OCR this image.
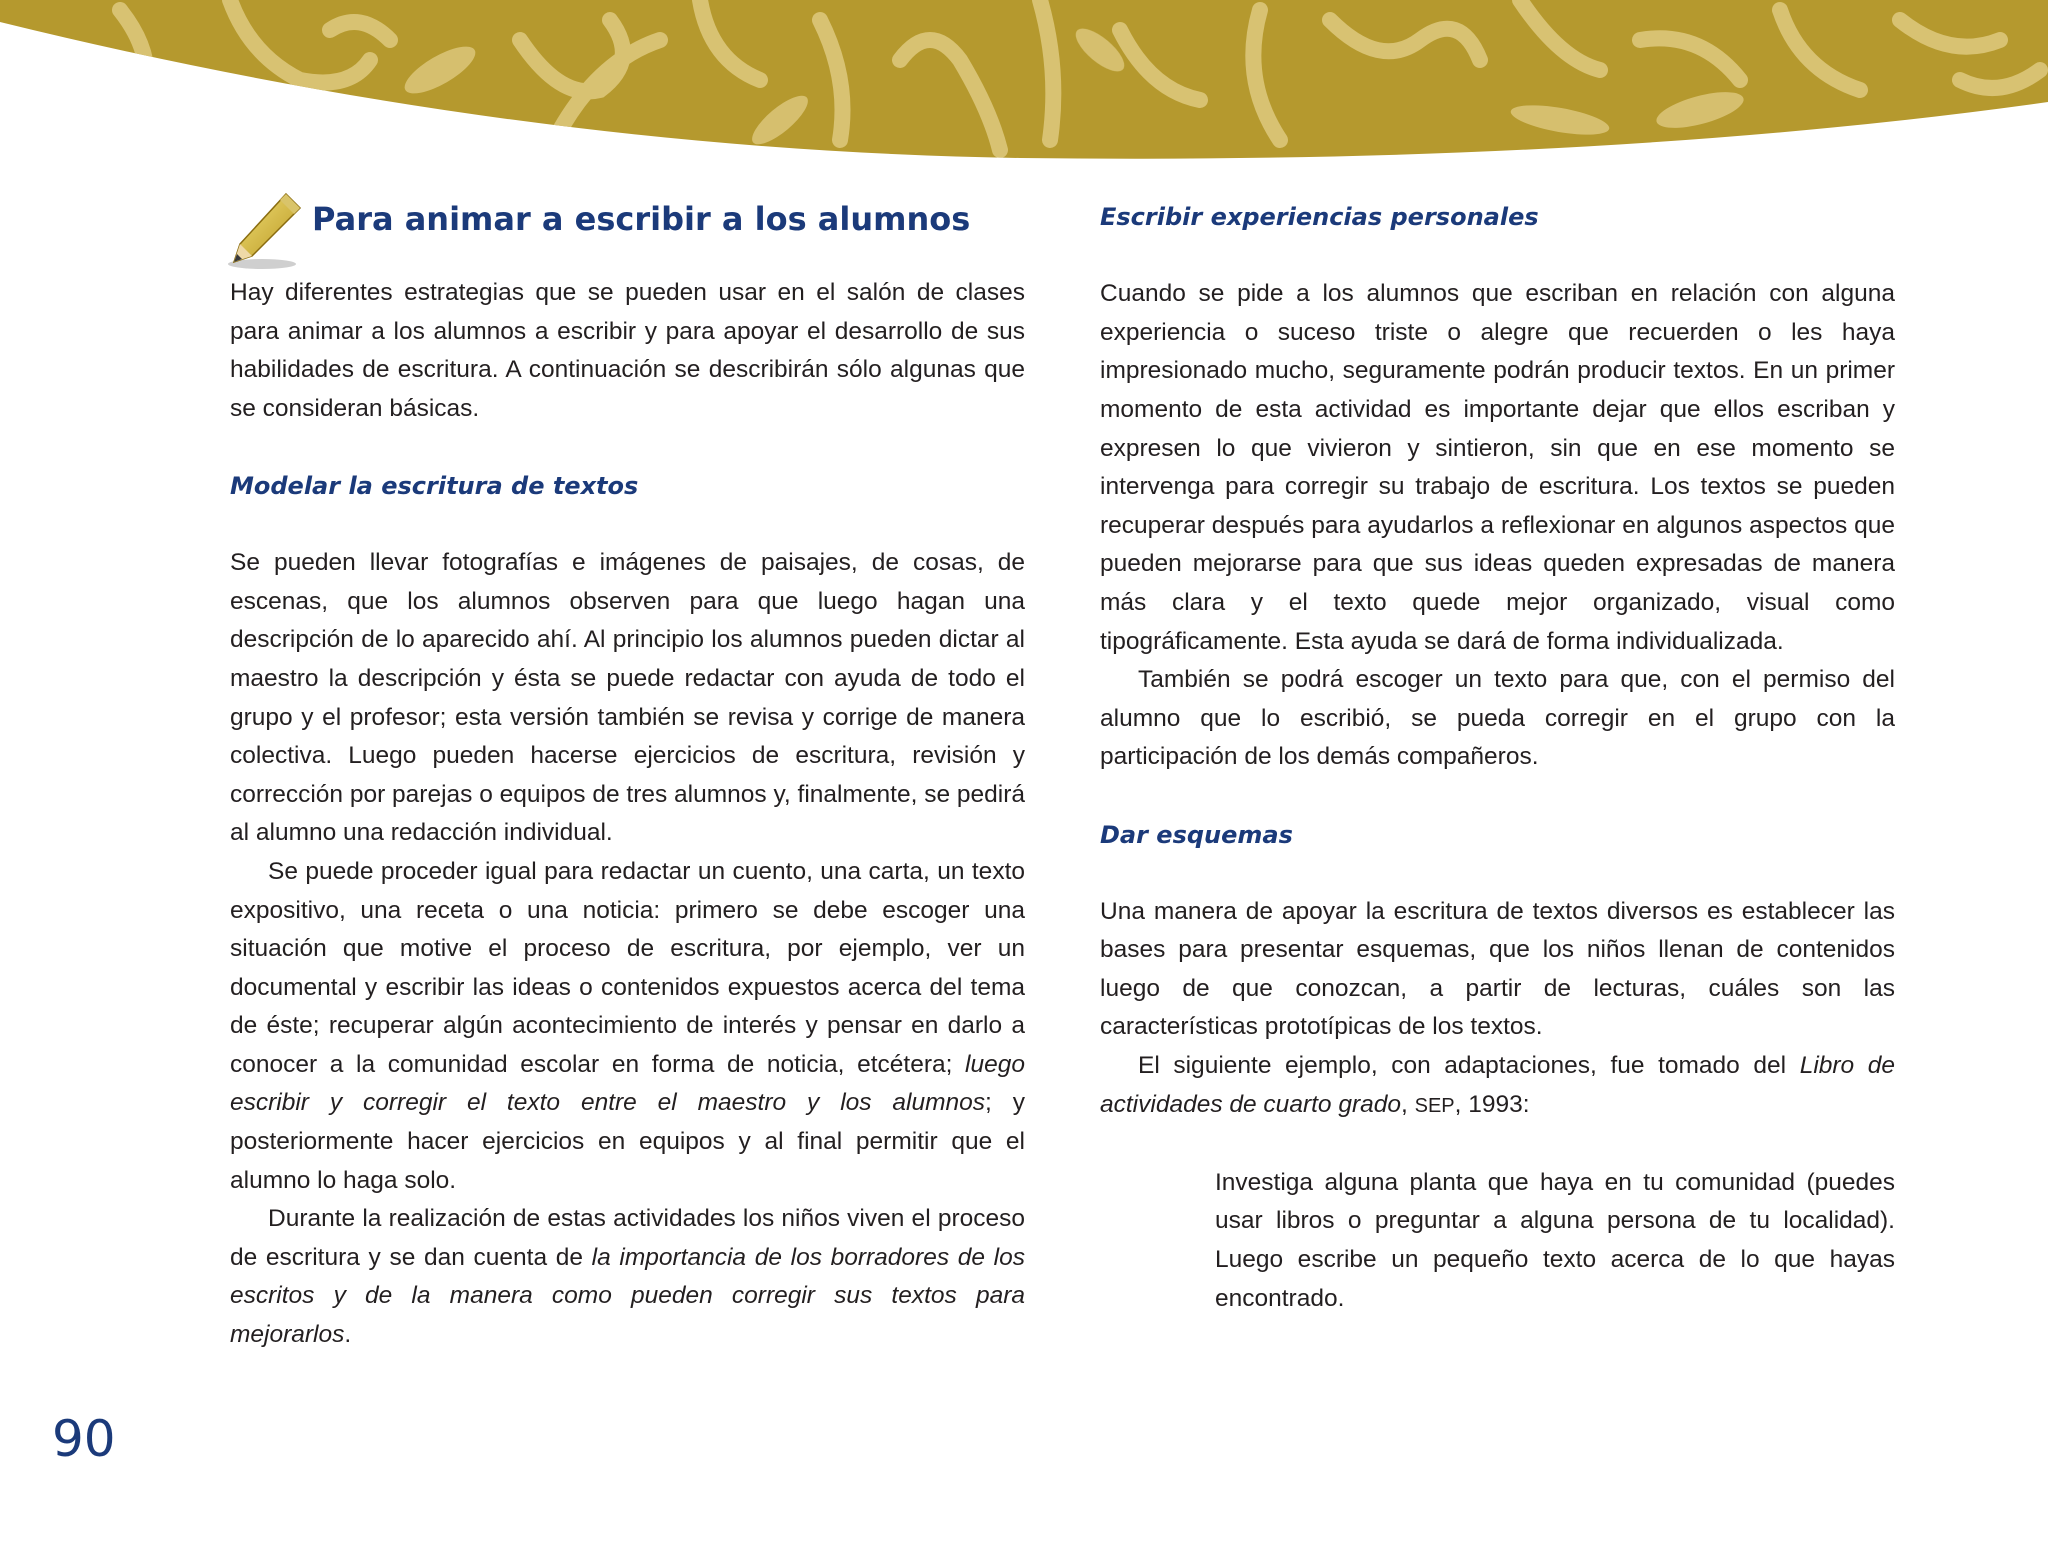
Para animar a escribir a los alumnos

Hay diferentes estrategias que se pueden usar en el salón de clases para animar a los alumnos a escribir y para apoyar el desarrollo de sus habilidades de escritura. A continuación se describirán sólo algunas que se consideran básicas.

Modelar la escritura de textos

Se pueden llevar fotografías e imágenes de paisajes, de cosas, de escenas, que los alumnos observen para que luego hagan una descripción de lo aparecido ahí. Al principio los alumnos pueden dictar al maestro la descripción y ésta se puede redactar con ayuda de todo el grupo y el profesor; esta versión también se revisa y corrige de manera colectiva. Luego pueden hacerse ejercicios de escritura, revisión y corrección por parejas o equipos de tres alumnos y, finalmente, se pedirá al alumno una redacción individual.

Se puede proceder igual para redactar un cuento, una carta, un texto expositivo, una receta o una noticia: primero se debe escoger una situación que motive el proceso de escritura, por ejemplo, ver un documental y escribir las ideas o contenidos expuestos acerca del tema de éste; recuperar algún acontecimiento de interés y pensar en darlo a conocer a la comunidad escolar en forma de noticia, etcétera; luego escribir y corregir el texto entre el maestro y los alumnos; y posteriormente hacer ejercicios en equipos y al final permitir que el alumno lo haga solo.

Durante la realización de estas actividades los niños viven el proceso de escritura y se dan cuenta de la importancia de los borradores de los escritos y de la manera como pueden corregir sus textos para mejorarlos.

Escribir experiencias personales

Cuando se pide a los alumnos que escriban en relación con alguna experiencia o suceso triste o alegre que recuerden o les haya impresionado mucho, seguramente podrán producir textos. En un primer momento de esta actividad es importante dejar que ellos escriban y expresen lo que vivieron y sintieron, sin que en ese momento se intervenga para corregir su trabajo de escritura. Los textos se pueden recuperar después para ayudarlos a reflexionar en algunos aspectos que pueden mejorarse para que sus ideas queden expresadas de manera más clara y el texto quede mejor organizado, visual como tipográficamente. Esta ayuda se dará de forma individualizada.

También se podrá escoger un texto para que, con el permiso del alumno que lo escribió, se pueda corregir en el grupo con la participación de los demás compañeros.

Dar esquemas

Una manera de apoyar la escritura de textos diversos es establecer las bases para presentar esquemas, que los niños llenan de contenidos luego de que conozcan, a partir de lecturas, cuáles son las características prototípicas de los textos.

El siguiente ejemplo, con adaptaciones, fue tomado del Libro de actividades de cuarto grado, SEP, 1993:

Investiga alguna planta que haya en tu comunidad (puedes usar libros o preguntar a alguna persona de tu localidad). Luego escribe un pequeño texto acerca de lo que hayas encontrado.

90
